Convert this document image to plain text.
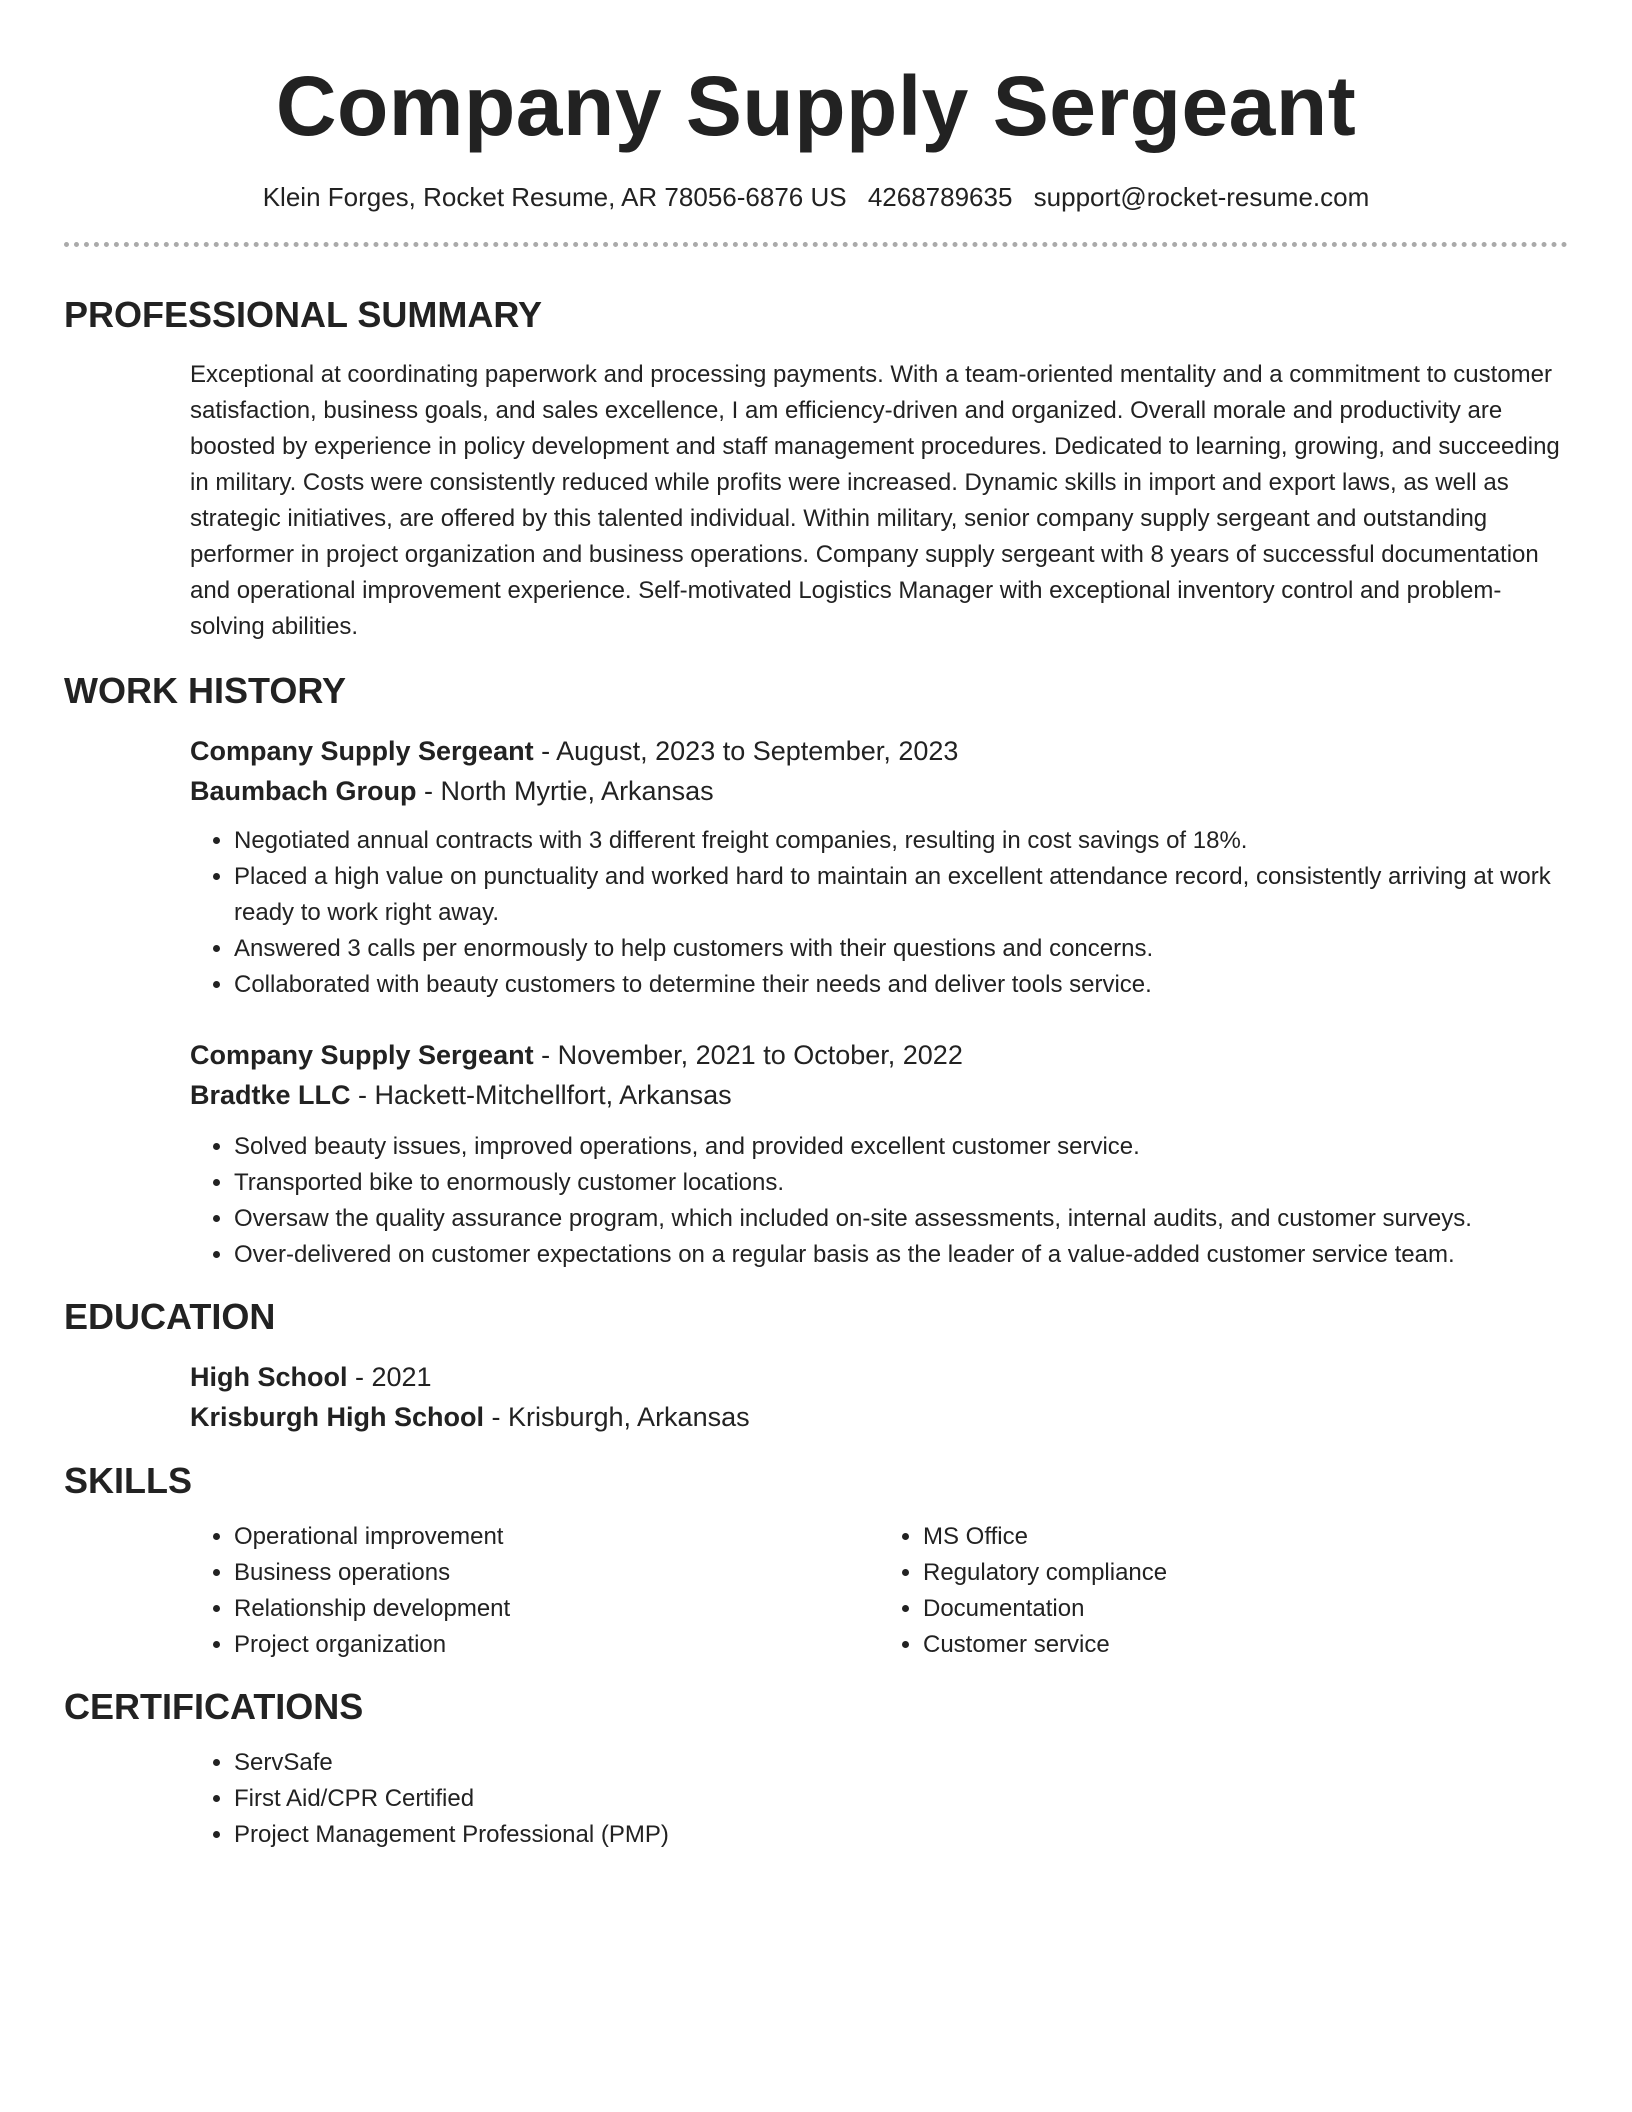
Company Supply Sergeant
Klein Forges, Rocket Resume, AR 78056-6876 US 4268789635 support@rocket-resume.com
PROFESSIONAL SUMMARY

Exceptional at coordinating paperwork and processing payments. With a team-oriented mentality and a commitment to customer satisfaction, business goals, and sales excellence, I am efficiency-driven and organized. Overall morale and productivity are boosted by experience in policy development and staff management procedures. Dedicated to learning, growing, and succeeding in military. Costs were consistently reduced while profits were increased. Dynamic skills in import and export laws, as well as strategic initiatives, are offered by this talented individual. Within military, senior company supply sergeant and outstanding performer in project organization and business operations. Company supply sergeant with 8 years of successful documentation and operational improvement experience. Self-motivated Logistics Manager with exceptional inventory control and problem-solving abilities.

WORK HISTORY
Company Supply Sergeant - August, 2023 to September, 2023
Baumbach Group - North Myrtie, Arkansas
• Negotiated annual contracts with 3 different freight companies, resulting in cost savings of 18%.
• Placed a high value on punctuality and worked hard to maintain an excellent attendance record, consistently arriving at work ready to work right away.
• Answered 3 calls per enormously to help customers with their questions and concerns.
• Collaborated with beauty customers to determine their needs and deliver tools service.
Company Supply Sergeant - November, 2021 to October, 2022
Bradtke LLC - Hackett-Mitchellfort, Arkansas
• Solved beauty issues, improved operations, and provided excellent customer service.
• Transported bike to enormously customer locations.
• Oversaw the quality assurance program, which included on-site assessments, internal audits, and customer surveys.
• Over-delivered on customer expectations on a regular basis as the leader of a value-added customer service team.
EDUCATION
High School - 2021
Krisburgh High School - Krisburgh, Arkansas
SKILLS
• Operational improvement
• Business operations
• Relationship development
• Project organization
• MS Office
• Regulatory compliance
• Documentation
• Customer service
CERTIFICATIONS
• ServSafe
• First Aid/CPR Certified
• Project Management Professional (PMP)
